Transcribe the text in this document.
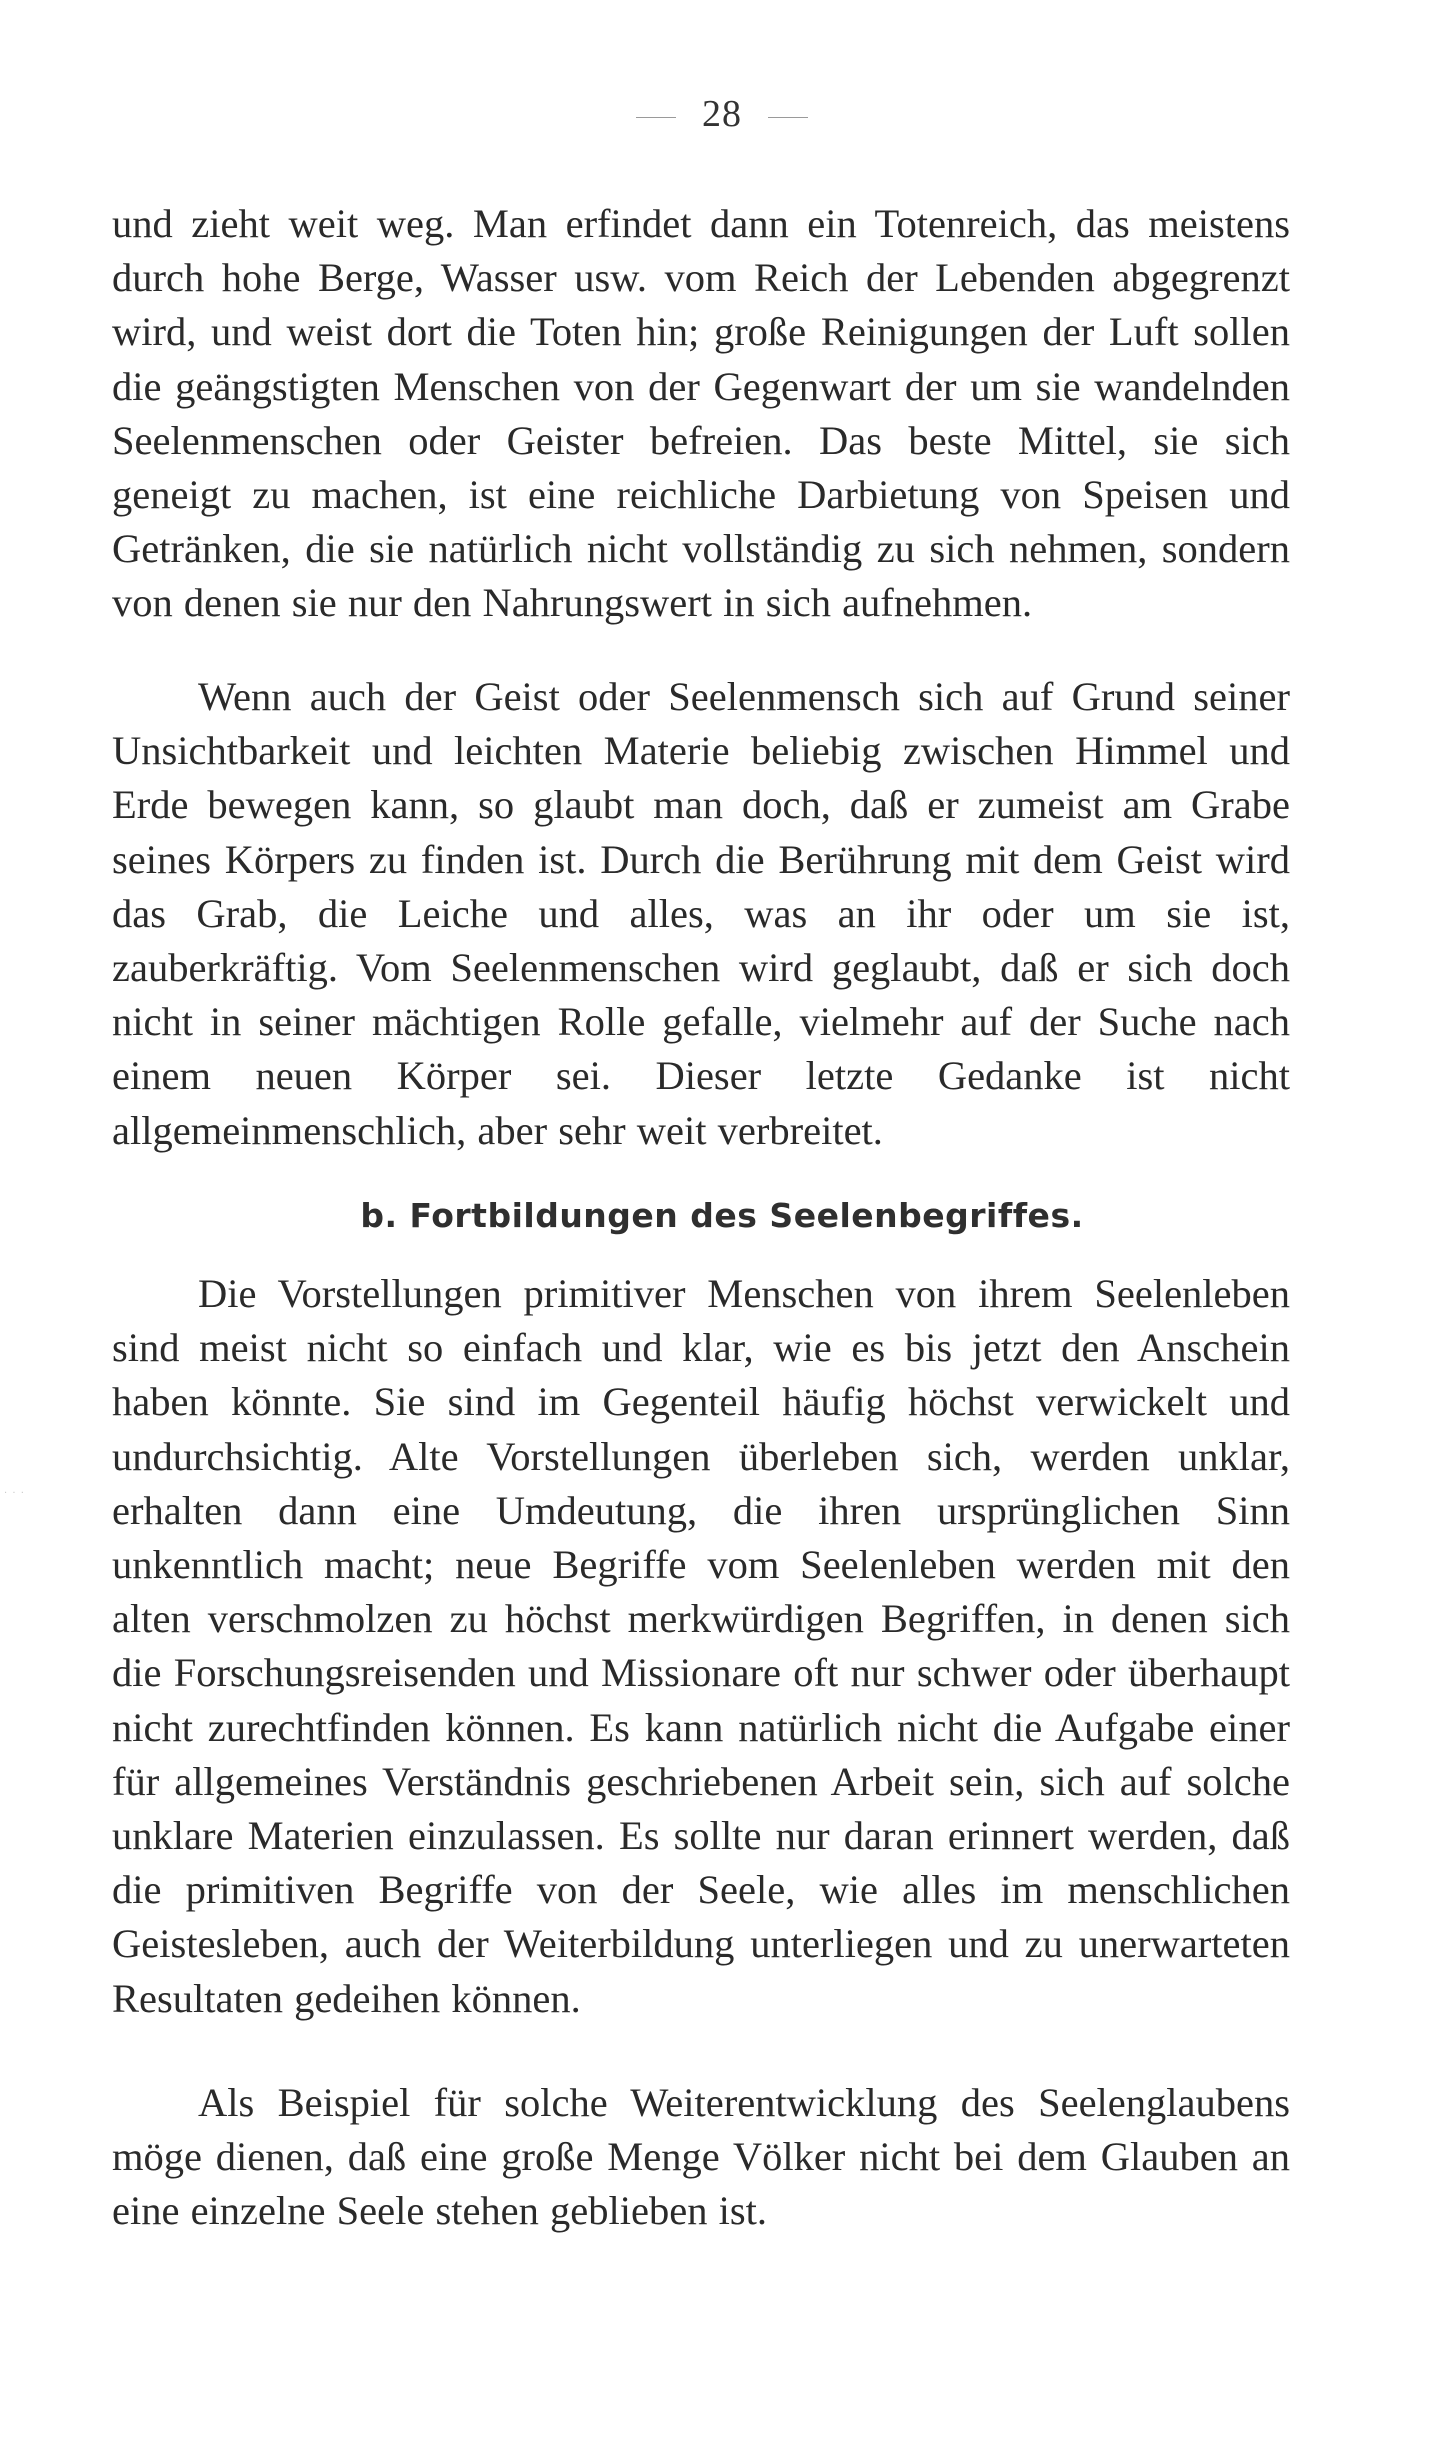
28

und zieht weit weg. Man erfindet dann ein Totenreich, das meistens durch hohe Berge, Wasser usw. vom Reich der Lebenden abgegrenzt wird, und weist dort die Toten hin; große Reinigungen der Luft sollen die geängstigten Menschen von der Gegenwart der um sie wandelnden Seelenmenschen oder Geister befreien. Das beste Mittel, sie sich geneigt zu machen, ist eine reichliche Darbietung von Speisen und Getränken, die sie natürlich nicht vollständig zu sich nehmen, sondern von denen sie nur den Nahrungswert in sich aufnehmen.

Wenn auch der Geist oder Seelenmensch sich auf Grund seiner Unsichtbarkeit und leichten Materie beliebig zwischen Himmel und Erde bewegen kann, so glaubt man doch, daß er zumeist am Grabe seines Körpers zu finden ist. Durch die Berührung mit dem Geist wird das Grab, die Leiche und alles, was an ihr oder um sie ist, zauberkräftig. Vom Seelenmenschen wird geglaubt, daß er sich doch nicht in seiner mächtigen Rolle gefalle, vielmehr auf der Suche nach einem neuen Körper sei. Dieser letzte Gedanke ist nicht allgemeinmenschlich, aber sehr weit verbreitet.

b. Fortbildungen des Seelenbegriffes.

Die Vorstellungen primitiver Menschen von ihrem Seelenleben sind meist nicht so einfach und klar, wie es bis jetzt den Anschein haben könnte. Sie sind im Gegenteil häufig höchst verwickelt und undurchsichtig. Alte Vorstellungen überleben sich, werden unklar, erhalten dann eine Umdeutung, die ihren ursprünglichen Sinn unkenntlich macht; neue Begriffe vom Seelenleben werden mit den alten verschmolzen zu höchst merkwürdigen Begriffen, in denen sich die Forschungsreisenden und Missionare oft nur schwer oder überhaupt nicht zurechtfinden können. Es kann natürlich nicht die Aufgabe einer für allgemeines Verständnis geschriebenen Arbeit sein, sich auf solche unklare Materien einzulassen. Es sollte nur daran erinnert werden, daß die primitiven Begriffe von der Seele, wie alles im menschlichen Geistesleben, auch der Weiterbildung unterliegen und zu unerwarteten Resultaten gedeihen können.

Als Beispiel für solche Weiterentwicklung des Seelenglaubens möge dienen, daß eine große Menge Völker nicht bei dem Glauben an eine einzelne Seele stehen geblieben ist.

· · ·
